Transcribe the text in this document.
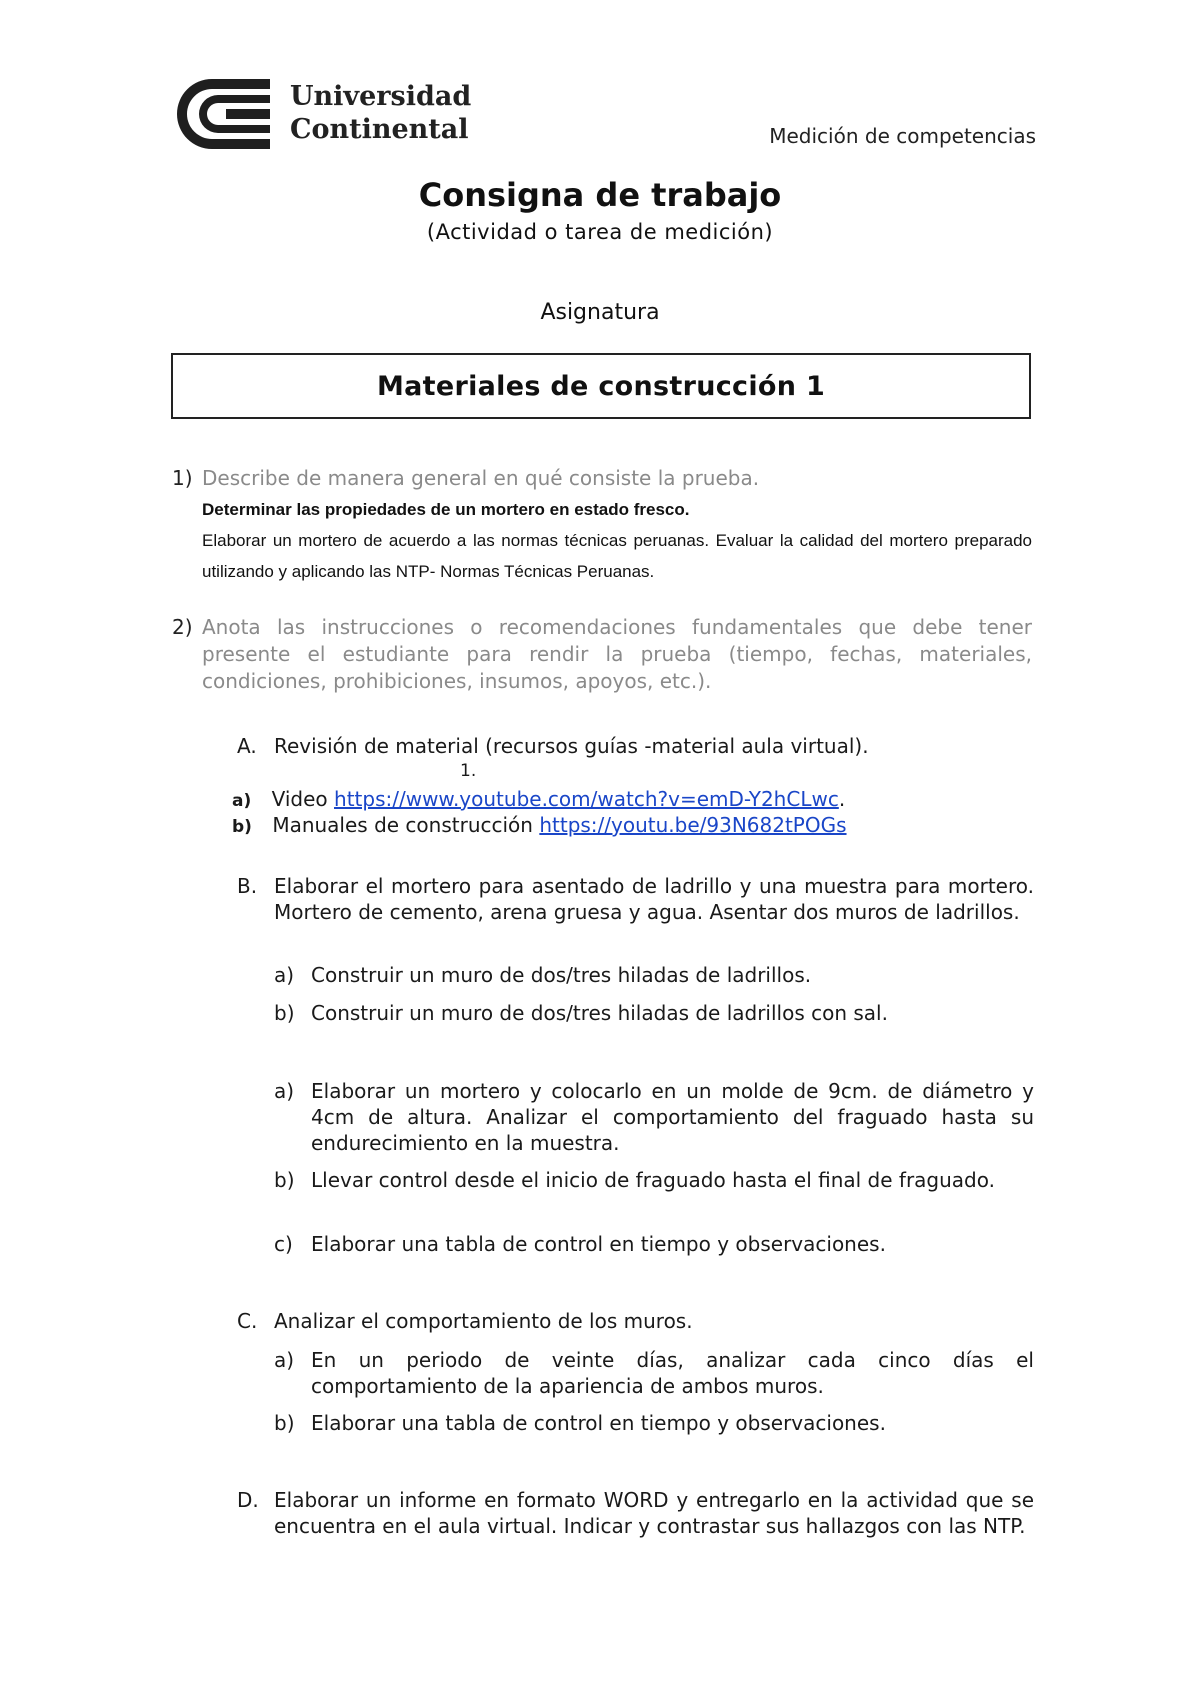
Universidad
Continental	Medición de competencias
Consigna de trabajo
(Actividad o tarea de medición)
Asignatura
Materiales de construcción 1
1) Describe de manera general en qué consiste la prueba.
Determinar las propiedades de un mortero en estado fresco.
Elaborar un mortero de acuerdo a las normas técnicas peruanas. Evaluar la calidad del mortero preparado utilizando y aplicando las NTP- Normas Técnicas Peruanas.
2) Anota las instrucciones o recomendaciones fundamentales que debe tener presente el estudiante para rendir la prueba (tiempo, fechas, materiales, condiciones, prohibiciones, insumos, apoyos, etc.).
A. Revisión de material (recursos guías -material aula virtual).
1.
a) Video https://www.youtube.com/watch?v=emD-Y2hCLwc.
b) Manuales de construcción https://youtu.be/93N682tPOGs
B. Elaborar el mortero para asentado de ladrillo y una muestra para mortero. Mortero de cemento, arena gruesa y agua. Asentar dos muros de ladrillos.
a) Construir un muro de dos/tres hiladas de ladrillos.
b) Construir un muro de dos/tres hiladas de ladrillos con sal.
a) Elaborar un mortero y colocarlo en un molde de 9cm. de diámetro y 4cm de altura. Analizar el comportamiento del fraguado hasta su endurecimiento en la muestra.
b) Llevar control desde el inicio de fraguado hasta el final de fraguado.
c) Elaborar una tabla de control en tiempo y observaciones.
C. Analizar el comportamiento de los muros.
a) En un periodo de veinte días, analizar cada cinco días el comportamiento de la apariencia de ambos muros.
b) Elaborar una tabla de control en tiempo y observaciones.
D. Elaborar un informe en formato WORD y entregarlo en la actividad que se encuentra en el aula virtual. Indicar y contrastar sus hallazgos con las NTP.
